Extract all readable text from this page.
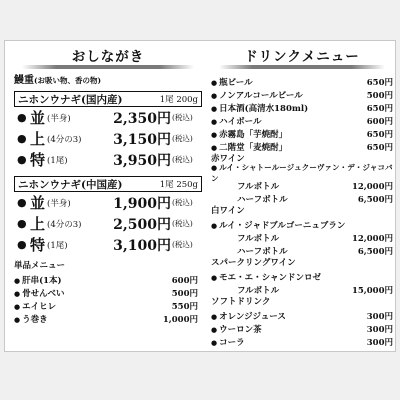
おしながき
鰻重(お吸い物、香の物)
ニホンウナギ(国内産)	1尾 200g
● 並 (半身)	2,350円 (税込)
● 上 (4分の3)	3,150円 (税込)
● 特 (1尾)	3,950円 (税込)
ニホンウナギ(中国産)	1尾 250g
● 並 (半身)	1,900円 (税込)
● 上 (4分の3)	2,500円 (税込)
● 特 (1尾)	3,100円 (税込)
単品メニュー
● 肝串(1本)	600円
● 骨せんべい	500円
● エイヒレ	550円
● う巻き	1,000円
ドリンクメニュー
● 瓶ビール	650円
● ノンアルコールビール	500円
● 日本酒(高清水180ml)	650円
● ハイボール	600円
● 赤霧島「芋焼酎」	650円
● 二階堂「麦焼酎」	650円
赤ワイン
● ルイ・シャトールージュクーヴァン・デ・ジャコバン
フルボトル	12,000円
ハーフボトル	6,500円
白ワイン
● ルイ・ジャドブルゴーニュブラン
フルボトル	12,000円
ハーフボトル	6,500円
スパークリングワイン
● モエ・エ・シャンドンロゼ
フルボトル	15,000円
ソフトドリンク
● オレンジジュース	300円
● ウーロン茶	300円
● コーラ	300円
